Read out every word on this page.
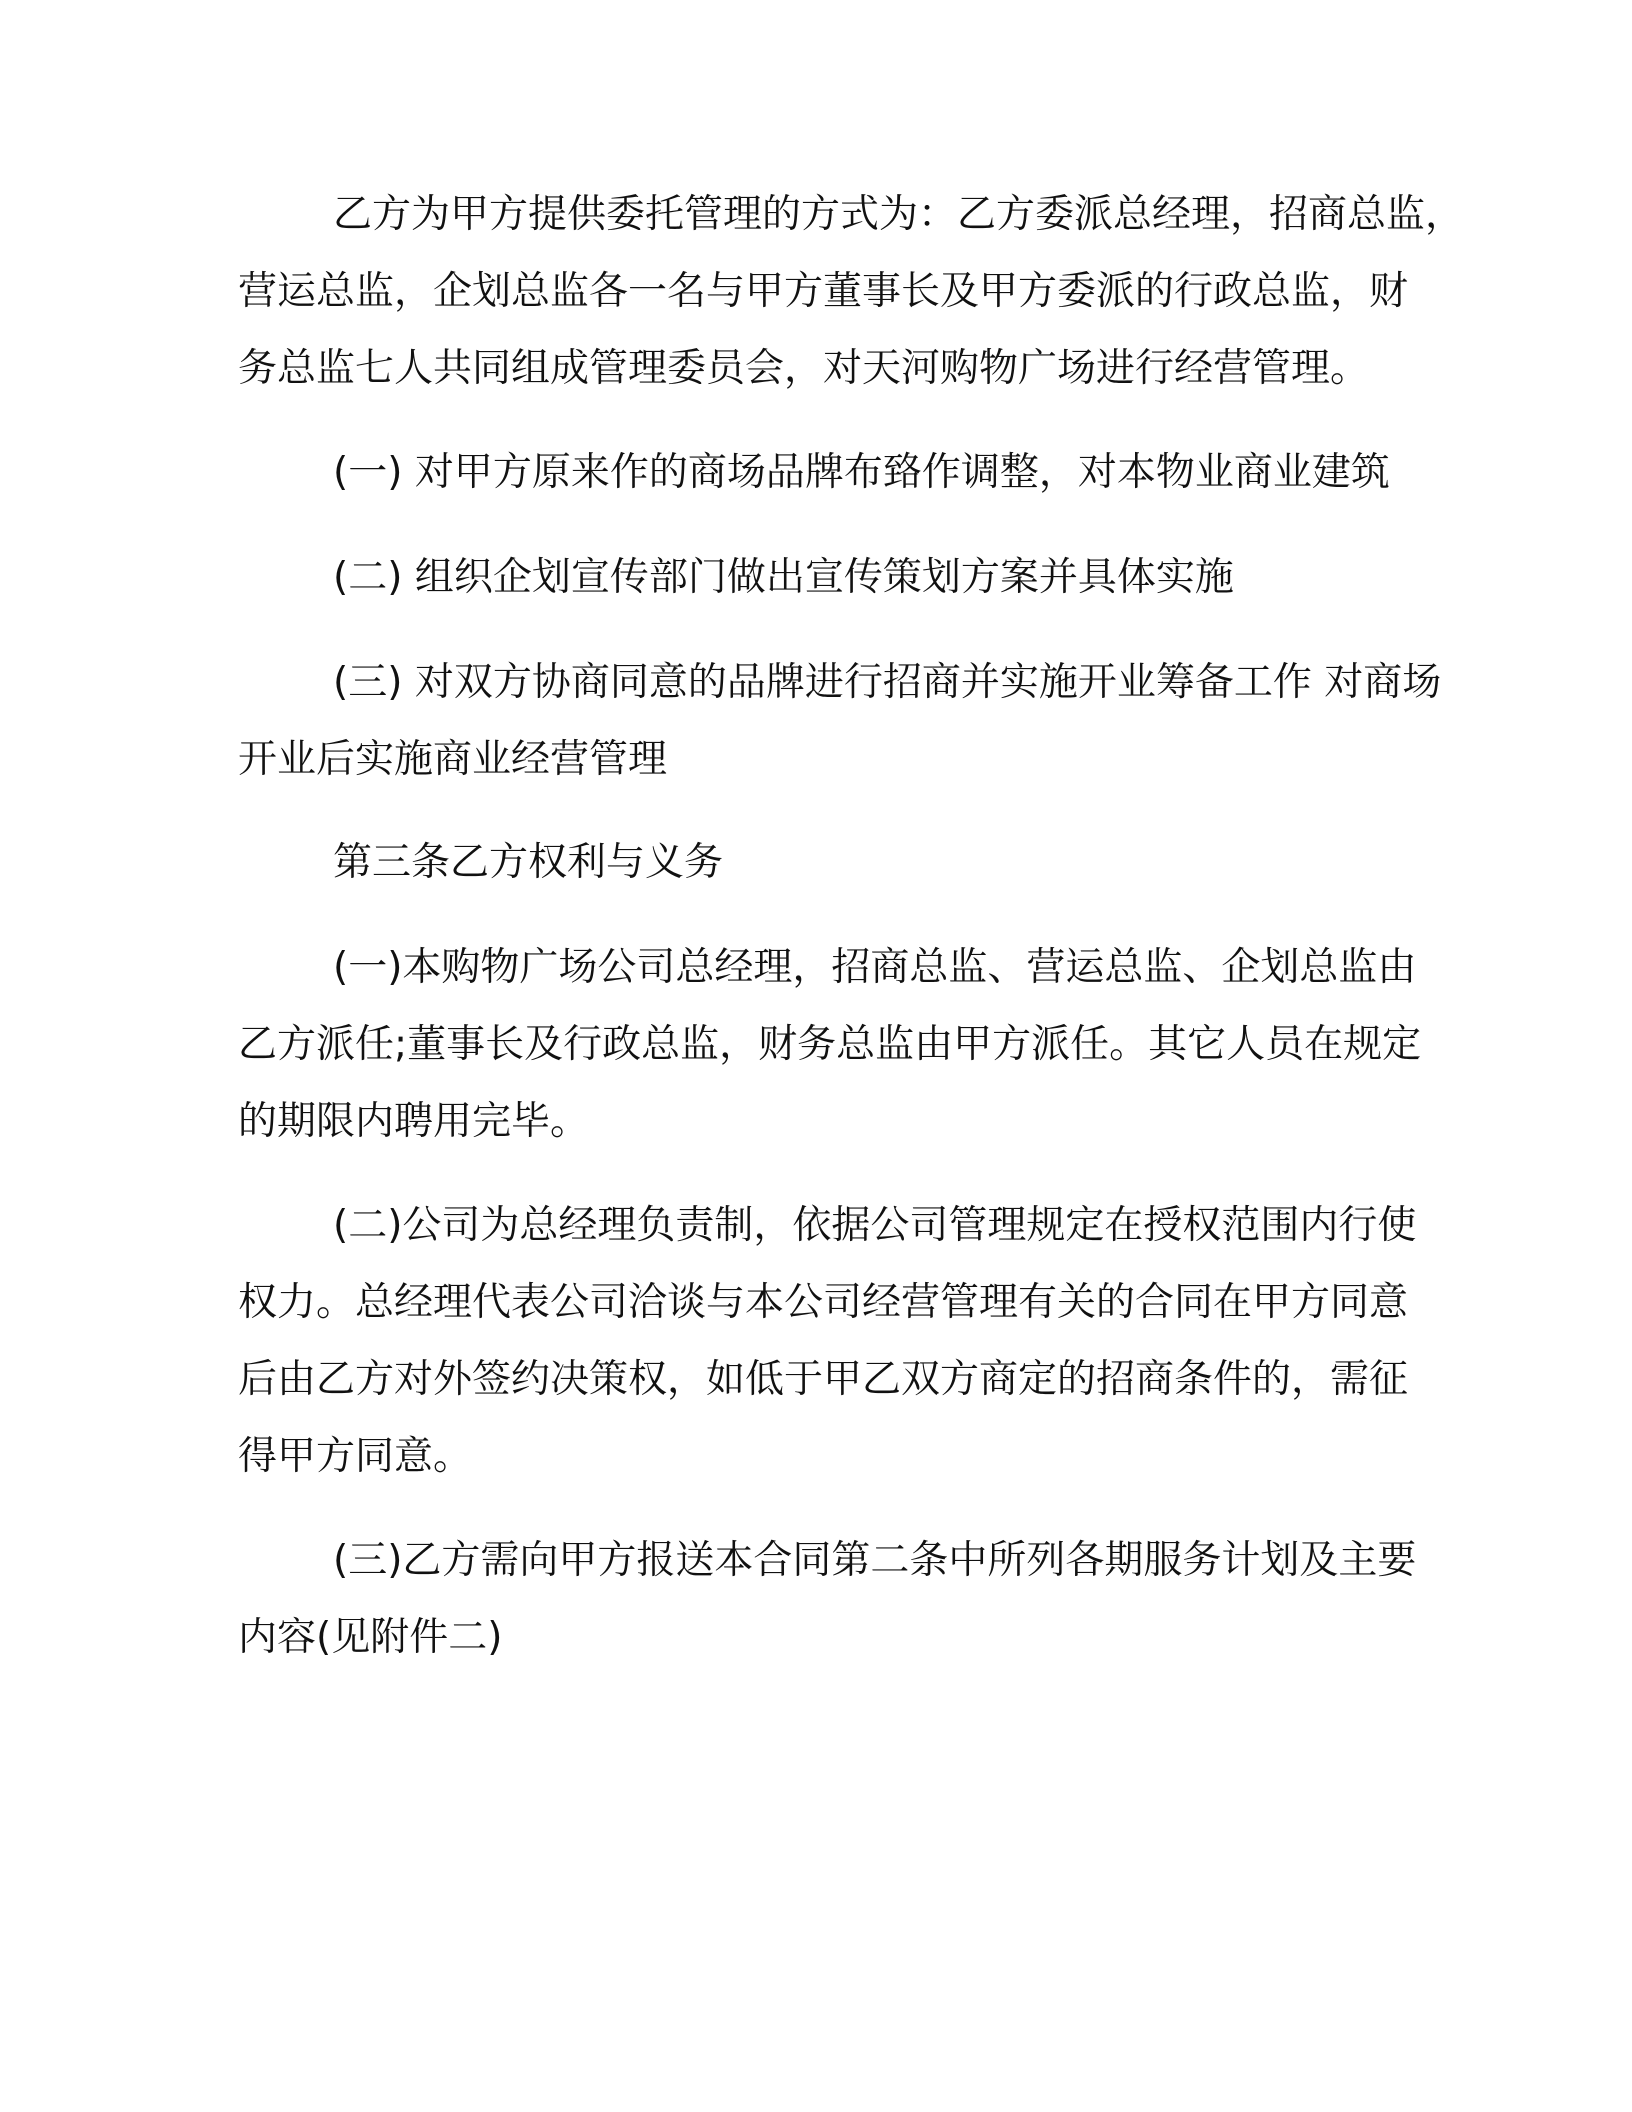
乙方为甲方提供委托管理的方式为：乙方委派总经理，招商总监，
营运总监，企划总监各一名与甲方董事长及甲方委派的行政总监，财
务总监七人共同组成管理委员会，对天河购物广场进行经营管理。

(一) 对甲方原来作的商场品牌布臵作调整，对本物业商业建筑

(二) 组织企划宣传部门做出宣传策划方案并具体实施

(三) 对双方协商同意的品牌进行招商并实施开业筹备工作 对商场
开业后实施商业经营管理

第三条乙方权利与义务

(一)本购物广场公司总经理，招商总监、营运总监、企划总监由
乙方派任;董事长及行政总监，财务总监由甲方派任。其它人员在规定
的期限内聘用完毕。

(二)公司为总经理负责制，依据公司管理规定在授权范围内行使
权力。总经理代表公司洽谈与本公司经营管理有关的合同在甲方同意
后由乙方对外签约决策权，如低于甲乙双方商定的招商条件的，需征
得甲方同意。

(三)乙方需向甲方报送本合同第二条中所列各期服务计划及主要
内容(见附件二)
